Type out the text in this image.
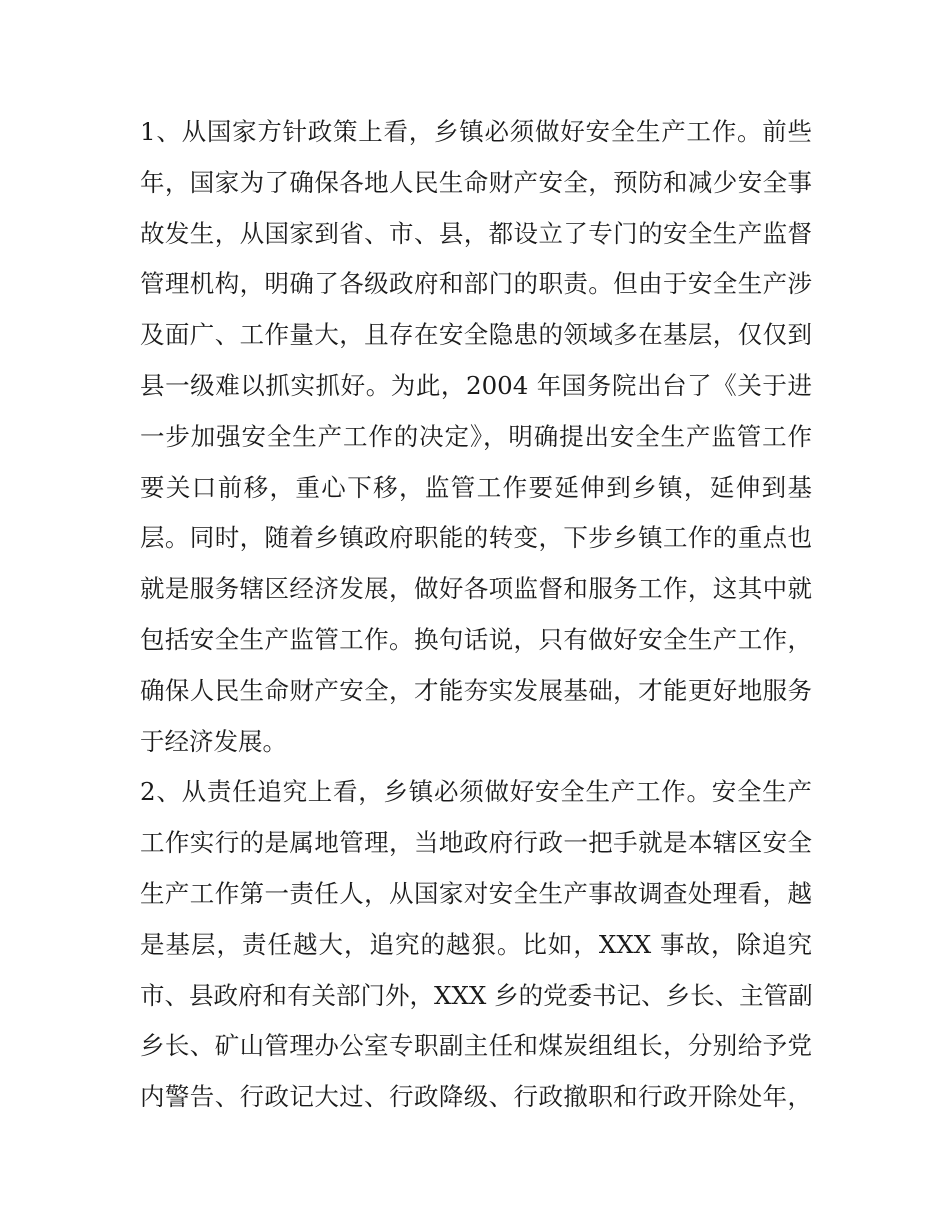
1、从国家方针政策上看，乡镇必须做好安全生产工作。前些
年，国家为了确保各地人民生命财产安全，预防和减少安全事
故发生，从国家到省、市、县，都设立了专门的安全生产监督
管理机构，明确了各级政府和部门的职责。但由于安全生产涉
及面广、工作量大，且存在安全隐患的领域多在基层，仅仅到
县一级难以抓实抓好。为此，2004 年国务院出台了《关于进
一步加强安全生产工作的决定》，明确提出安全生产监管工作
要关口前移，重心下移，监管工作要延伸到乡镇，延伸到基
层。同时，随着乡镇政府职能的转变，下步乡镇工作的重点也
就是服务辖区经济发展，做好各项监督和服务工作，这其中就
包括安全生产监管工作。换句话说，只有做好安全生产工作，
确保人民生命财产安全，才能夯实发展基础，才能更好地服务
于经济发展。
2、从责任追究上看，乡镇必须做好安全生产工作。安全生产
工作实行的是属地管理，当地政府行政一把手就是本辖区安全
生产工作第一责任人，从国家对安全生产事故调查处理看，越
是基层，责任越大，追究的越狠。比如，XXX 事故，除追究
市、县政府和有关部门外，XXX 乡的党委书记、乡长、主管副
乡长、矿山管理办公室专职副主任和煤炭组组长，分别给予党
内警告、行政记大过、行政降级、行政撤职和行政开除处年，
